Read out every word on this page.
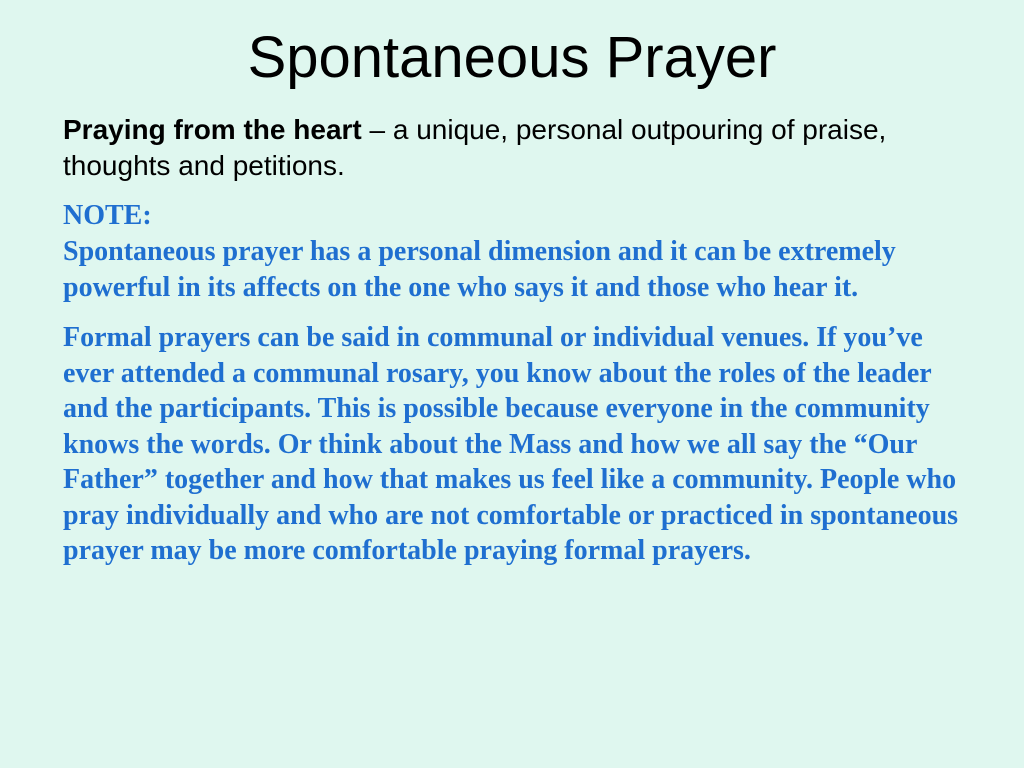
Spontaneous Prayer

Praying from the heart – a unique, personal outpouring of praise, thoughts and petitions.

NOTE:
Spontaneous prayer has a personal dimension and it can be extremely powerful in its affects on the one who says it and those who hear it.

Formal prayers can be said in communal or individual venues. If you’ve ever attended a communal rosary, you know about the roles of the leader and the participants. This is possible because everyone in the community knows the words. Or think about the Mass and how we all say the “Our Father” together and how that makes us feel like a community. People who pray individually and who are not comfortable or practiced in spontaneous prayer may be more comfortable praying formal prayers.
